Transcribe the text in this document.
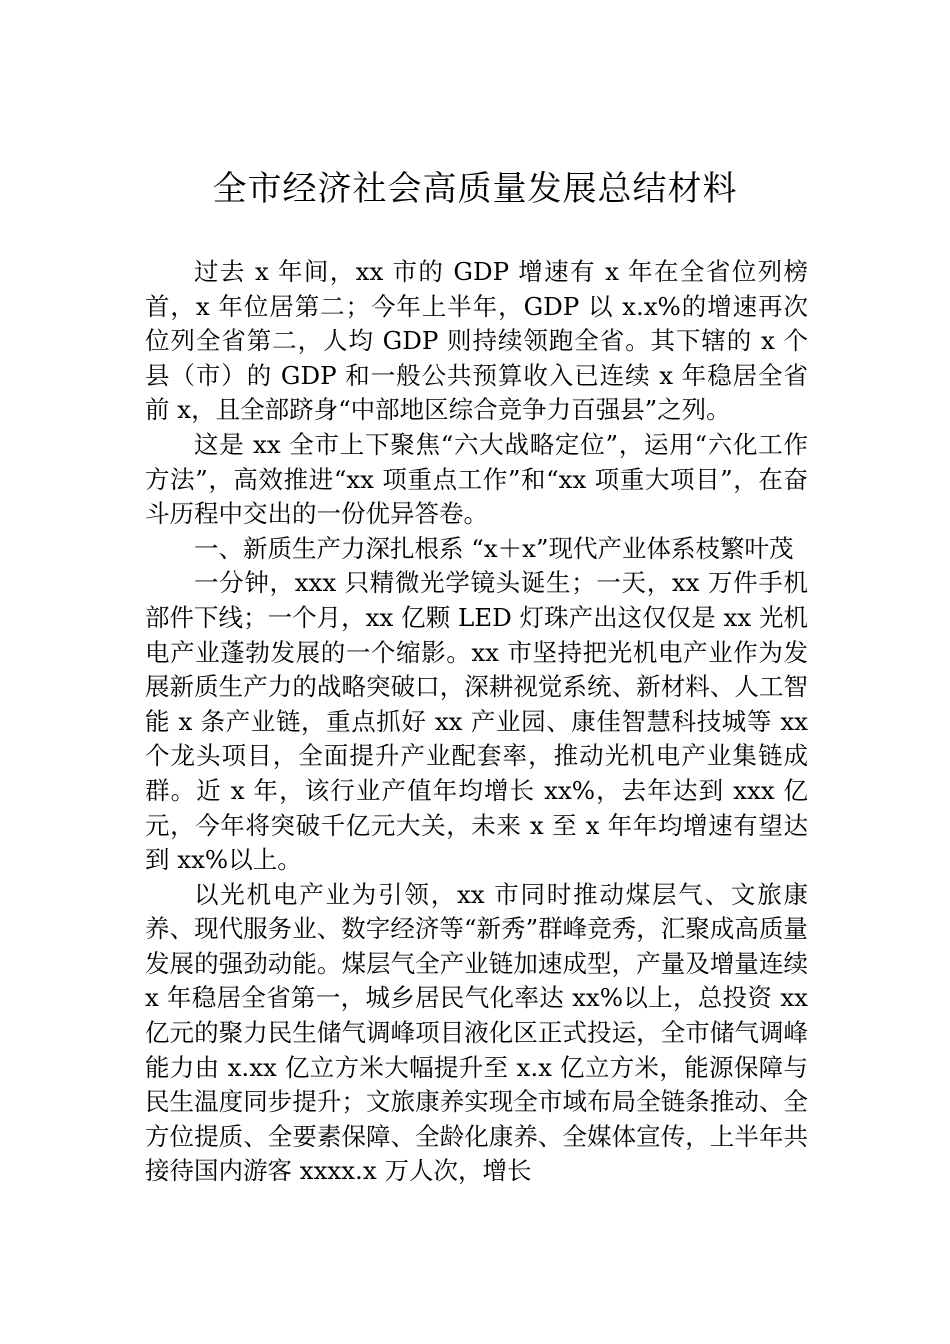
全市经济社会高质量发展总结材料

过去 x 年间，xx 市的 GDP 增速有 x 年在全省位列榜首，x 年位居第二；今年上半年，GDP 以 x.x%的增速再次位列全省第二，人均 GDP 则持续领跑全省。其下辖的 x 个县（市）的 GDP 和一般公共预算收入已连续 x 年稳居全省前 x，且全部跻身“中部地区综合竞争力百强县”之列。

这是 xx 全市上下聚焦“六大战略定位”，运用“六化工作方法”，高效推进“xx 项重点工作”和“xx 项重大项目”，在奋斗历程中交出的一份优异答卷。

一、新质生产力深扎根系 “x＋x”现代产业体系枝繁叶茂

一分钟，xxx 只精微光学镜头诞生；一天，xx 万件手机部件下线；一个月，xx 亿颗 LED 灯珠产出这仅仅是 xx 光机电产业蓬勃发展的一个缩影。xx 市坚持把光机电产业作为发展新质生产力的战略突破口，深耕视觉系统、新材料、人工智能 x 条产业链，重点抓好 xx 产业园、康佳智慧科技城等 xx 个龙头项目，全面提升产业配套率，推动光机电产业集链成群。近 x 年，该行业产值年均增长 xx%，去年达到 xxx 亿元，今年将突破千亿元大关，未来 x 至 x 年年均增速有望达到 xx%以上。

以光机电产业为引领，xx 市同时推动煤层气、文旅康养、现代服务业、数字经济等“新秀”群峰竞秀，汇聚成高质量发展的强劲动能。煤层气全产业链加速成型，产量及增量连续 x 年稳居全省第一，城乡居民气化率达 xx%以上，总投资 xx 亿元的聚力民生储气调峰项目液化区正式投运，全市储气调峰能力由 x.xx 亿立方米大幅提升至 x.x 亿立方米，能源保障与民生温度同步提升；文旅康养实现全市域布局全链条推动、全方位提质、全要素保障、全龄化康养、全媒体宣传，上半年共接待国内游客 xxxx.x 万人次，增长
